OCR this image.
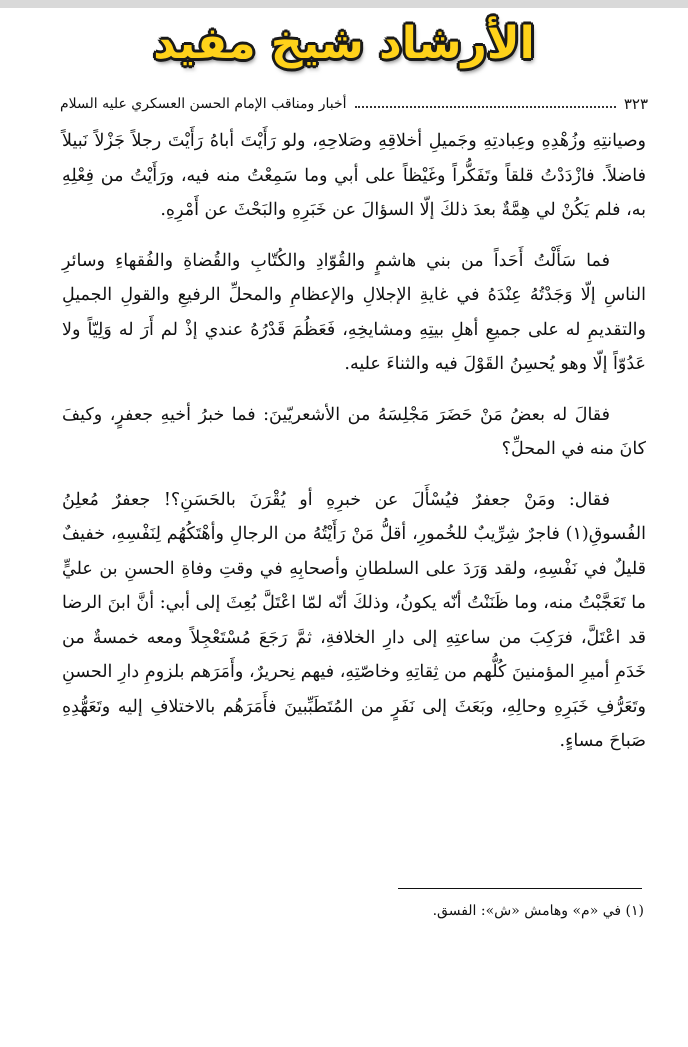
الأرشاد شيخ مفيد
أخبار ومناقب الإمام الحسن العسكري عليه السلام	٣٢٣

وصيانتِهِ وزُهْدِهِ وعِبادتِهِ وجَميلِ أخلاقِهِ وصَلاحِهِ، ولو رَأَيْتَ أباهُ رَأَيْتَ رجلاً جَزْلاً نَبيلاً فاضلاً. فازْدَدْتُ قلقاً وتَفَكُّراً وغَيْظاً على أبي وما سَمِعْتُ منه فيه، ورَأَيْتُ من فِعْلِهِ به، فلم يَكُنْ لي هِمَّةٌ بعدَ ذلكَ إلّا السؤالَ عن خَبَرِهِ والبَحْثَ عن أَمْرِهِ.

فما سَأَلْتُ أَحَداً من بني هاشمٍ والقُوّادِ والكُتّابِ والقُضاةِ والفُقهاءِ وسائرِ الناسِ إلّا وَجَدْتُهُ عِنْدَهُ في غايةِ الإجلالِ والإعظامِ والمحلِّ الرفيعِ والقولِ الجميلِ والتقديمِ له على جميعِ أهلِ بيتِهِ ومشايخِهِ، فَعَظُمَ قَدْرُهُ عندي إذْ لم أَرَ له وَلِيّاً ولا عَدُوّاً إلّا وهو يُحسِنُ القَوْلَ فيه والثناءَ عليه.

فقالَ له بعضُ مَنْ حَضَرَ مَجْلِسَهُ من الأشعريّينَ: فما خبرُ أخيهِ جعفرٍ، وكيفَ كانَ منه في المحلِّ؟

فقال: ومَنْ جعفرٌ فيُسْأَلَ عن خبرِهِ أو يُقْرَنَ بالحَسَنِ؟! جعفرٌ مُعلِنُ الفُسوقِ(١) فاجرٌ شِرِّيبٌ للخُمورِ، أقلُّ مَنْ رَأَيْتُهُ من الرجالِ وأهْتَكُهُم لِنَفْسِهِ، خفيفٌ قليلٌ في نَفْسِهِ، ولقد وَرَدَ على السلطانِ وأصحابِهِ في وقتِ وفاةِ الحسنِ بن عليٍّ ما تَعَجَّبْتُ منه، وما ظَنَنْتُ أنّه يكونُ، وذلكَ أنّه لمّا اعْتَلَّ بُعِثَ إلى أبي: أنَّ ابنَ الرضا قد اعْتَلَّ، فرَكِبَ من ساعتِهِ إلى دارِ الخلافةِ، ثمَّ رَجَعَ مُسْتَعْجِلاً ومعه خمسةٌ من خَدَمِ أميرِ المؤمنينَ كُلُّهم من ثِقاتِهِ وخاصّتِهِ، فيهم نِحريرٌ، وأَمَرَهم بلزومِ دارِ الحسنِ وتَعَرُّفِ خَبَرِهِ وحالِهِ، وبَعَثَ إلى نَفَرٍ من المُتَطَبِّبينَ فأَمَرَهُم بالاختلافِ إليه وتَعَهُّدِهِ صَباحَ مساءٍ.

(١) في «م» وهامش «ش»: الفسق.
